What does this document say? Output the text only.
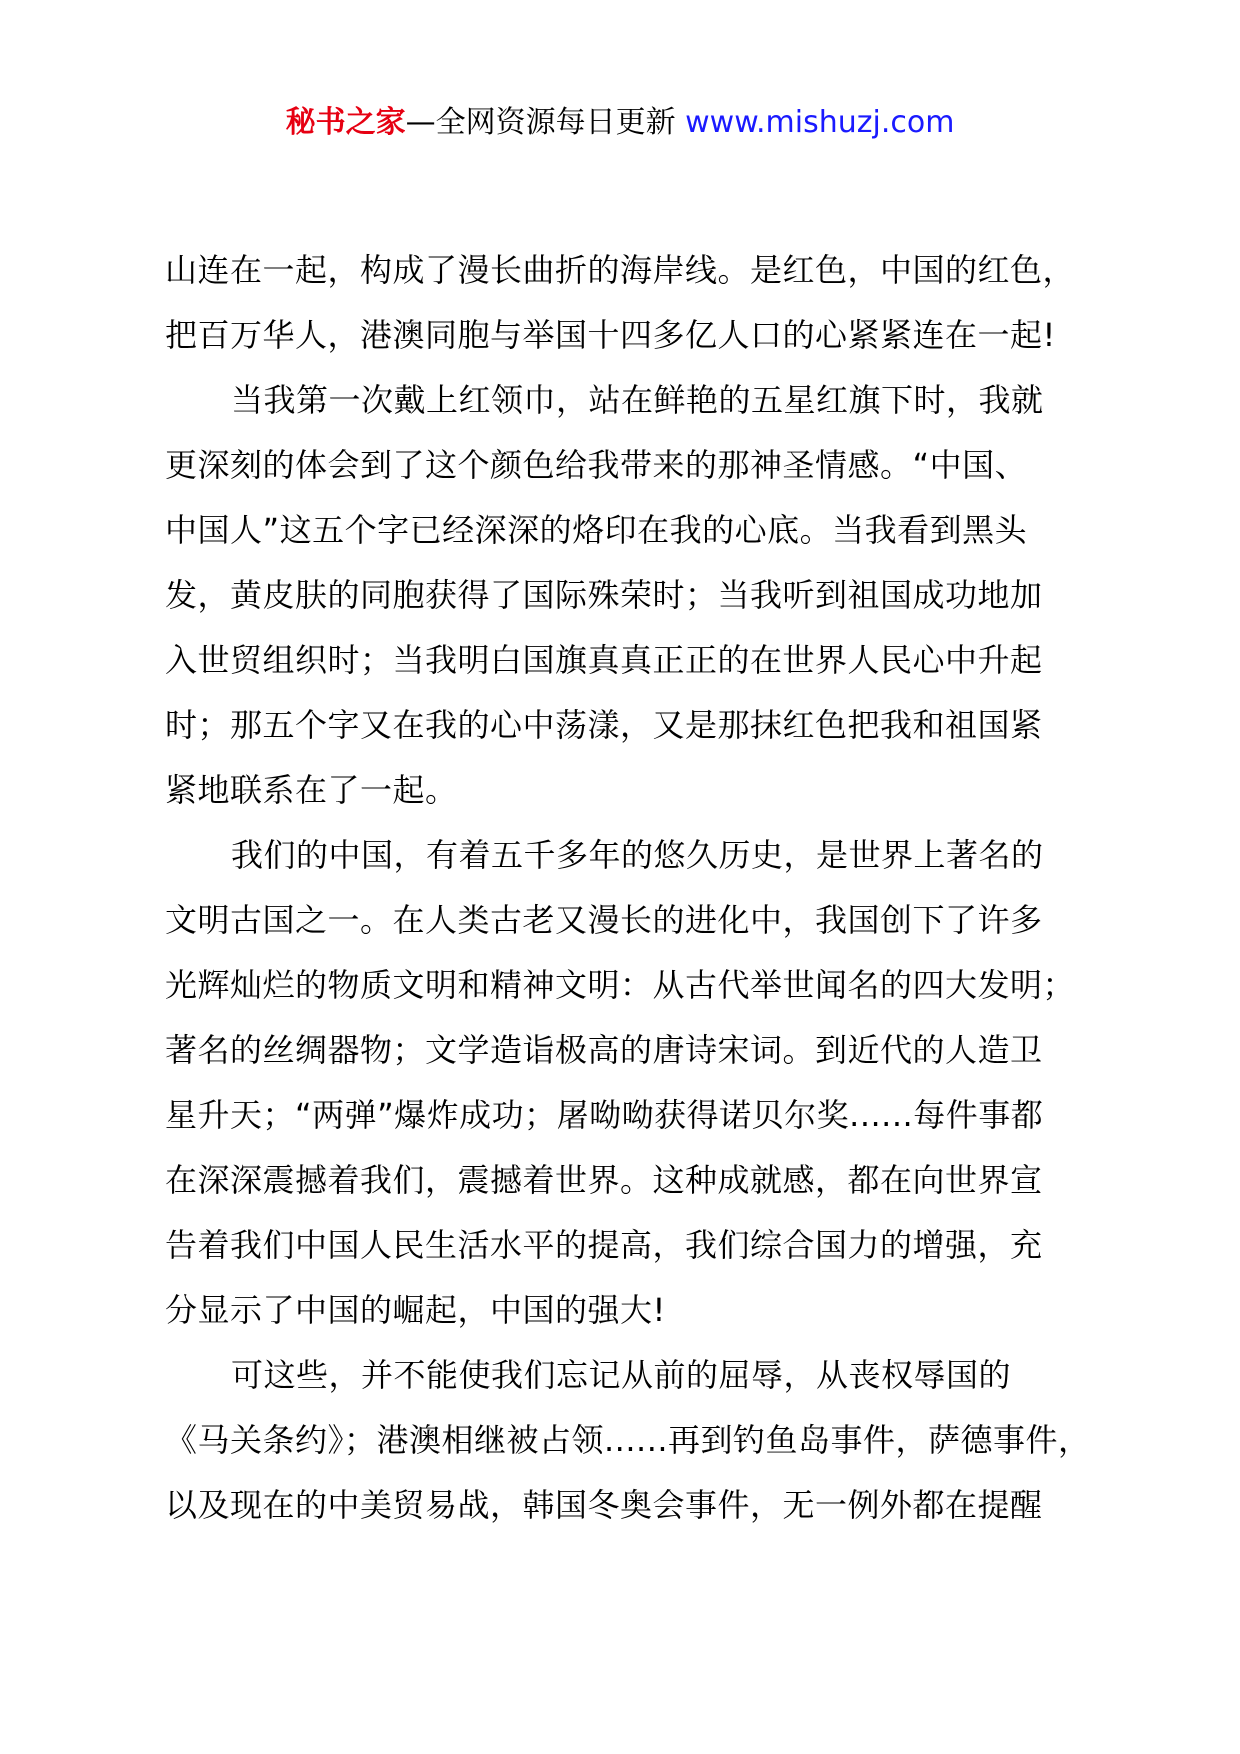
秘书之家—全网资源每日更新 www.mishuzj.com
山连在一起，构成了漫长曲折的海岸线。是红色，中国的红色，
把百万华人，港澳同胞与举国十四多亿人口的心紧紧连在一起!
当我第一次戴上红领巾，站在鲜艳的五星红旗下时，我就
更深刻的体会到了这个颜色给我带来的那神圣情感。“中国、
中国人”这五个字已经深深的烙印在我的心底。当我看到黑头
发，黄皮肤的同胞获得了国际殊荣时；当我听到祖国成功地加
入世贸组织时；当我明白国旗真真正正的在世界人民心中升起
时；那五个字又在我的心中荡漾，又是那抹红色把我和祖国紧
紧地联系在了一起。
我们的中国，有着五千多年的悠久历史，是世界上著名的
文明古国之一。在人类古老又漫长的进化中，我国创下了许多
光辉灿烂的物质文明和精神文明：从古代举世闻名的四大发明；
著名的丝绸器物；文学造诣极高的唐诗宋词。到近代的人造卫
星升天；“两弹”爆炸成功；屠呦呦获得诺贝尔奖......每件事都
在深深震撼着我们，震撼着世界。这种成就感，都在向世界宣
告着我们中国人民生活水平的提高，我们综合国力的增强，充
分显示了中国的崛起，中国的强大!
可这些，并不能使我们忘记从前的屈辱，从丧权辱国的
《马关条约》；港澳相继被占领......再到钓鱼岛事件，萨德事件，
以及现在的中美贸易战，韩国冬奥会事件，无一例外都在提醒
